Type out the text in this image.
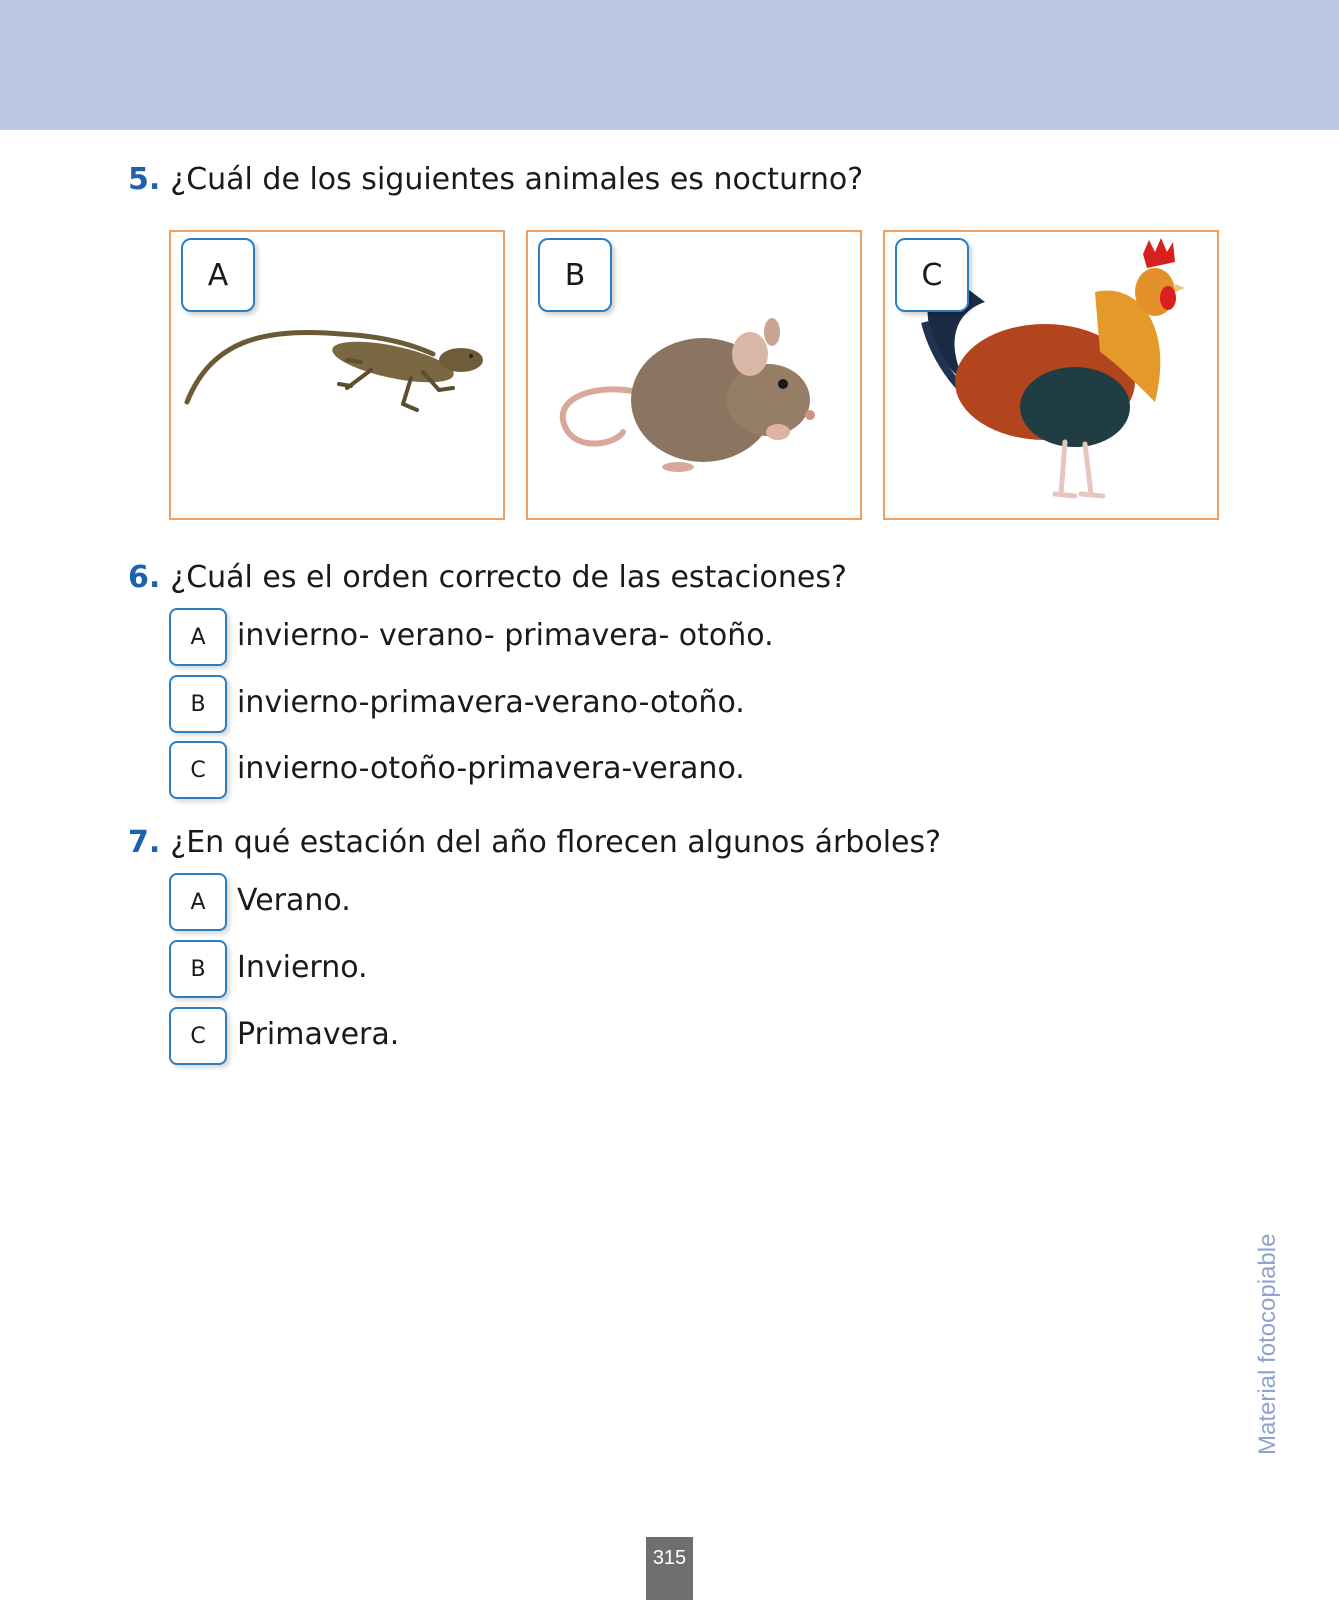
5. ¿Cuál de los siguientes animales es nocturno?
A	B	C
6. ¿Cuál es el orden correcto de las estaciones?
A	invierno- verano- primavera- otoño.
B	invierno-primavera-verano-otoño.
C	invierno-otoño-primavera-verano.
7. ¿En qué estación del año florecen algunos árboles?
A	Verano.
B	Invierno.
C	Primavera.
Material fotocopiable
315
